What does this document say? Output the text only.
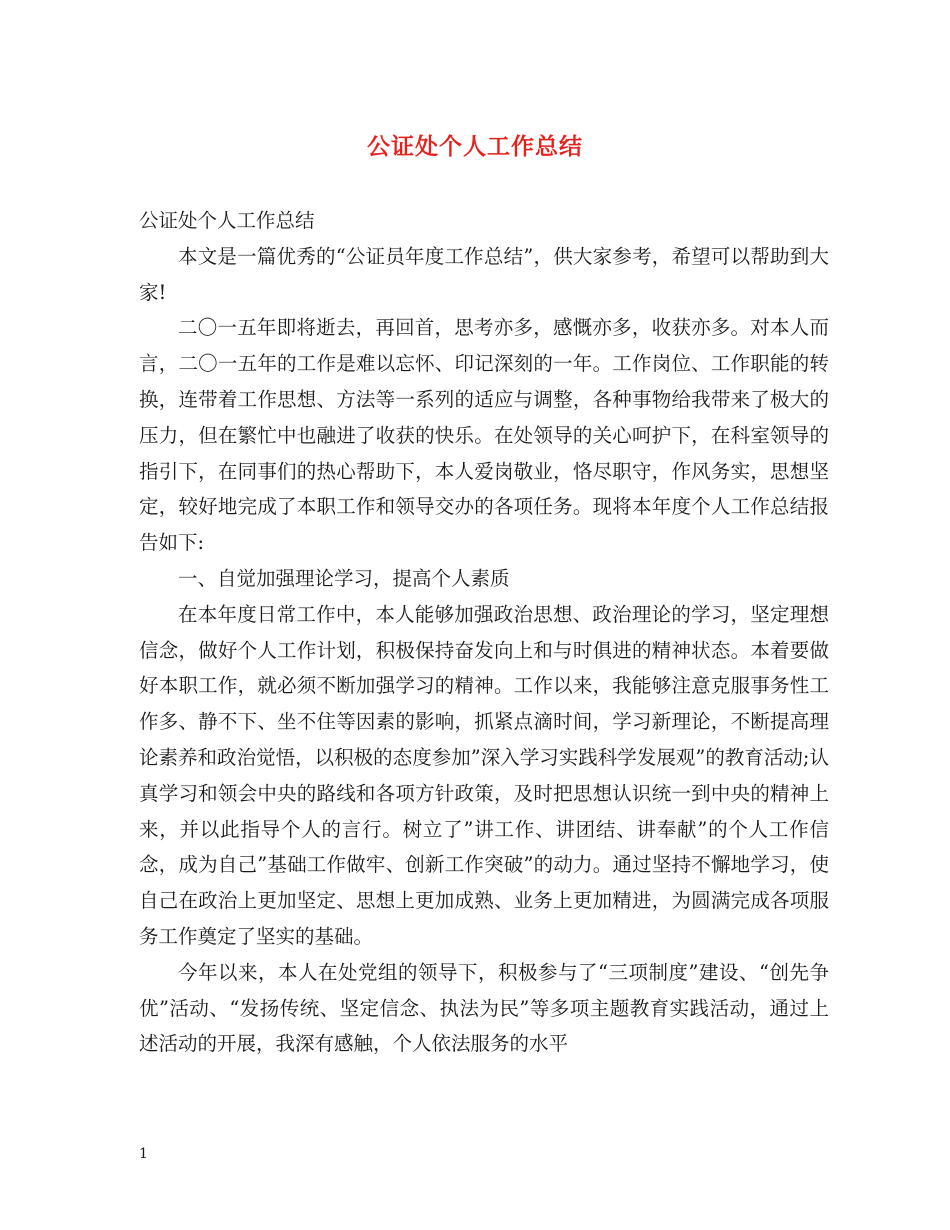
公证处个人工作总结

公证处个人工作总结

本文是一篇优秀的“公证员年度工作总结”，供大家参考，希望可以帮助到大家!

二〇一五年即将逝去，再回首，思考亦多，感慨亦多，收获亦多。对本人而言，二〇一五年的工作是难以忘怀、印记深刻的一年。工作岗位、工作职能的转换，连带着工作思想、方法等一系列的适应与调整，各种事物给我带来了极大的压力，但在繁忙中也融进了收获的快乐。在处领导的关心呵护下，在科室领导的指引下，在同事们的热心帮助下，本人爱岗敬业，恪尽职守，作风务实，思想坚定，较好地完成了本职工作和领导交办的各项任务。现将本年度个人工作总结报告如下:

一、自觉加强理论学习，提高个人素质

在本年度日常工作中，本人能够加强政治思想、政治理论的学习，坚定理想信念，做好个人工作计划，积极保持奋发向上和与时俱进的精神状态。本着要做好本职工作，就必须不断加强学习的精神。工作以来，我能够注意克服事务性工作多、静不下、坐不住等因素的影响，抓紧点滴时间，学习新理论，不断提高理论素养和政治觉悟，以积极的态度参加”深入学习实践科学发展观”的教育活动;认真学习和领会中央的路线和各项方针政策，及时把思想认识统一到中央的精神上来，并以此指导个人的言行。树立了”讲工作、讲团结、讲奉献”的个人工作信念，成为自己”基础工作做牢、创新工作突破”的动力。通过坚持不懈地学习，使自己在政治上更加坚定、思想上更加成熟、业务上更加精进，为圆满完成各项服务工作奠定了坚实的基础。

今年以来，本人在处党组的领导下，积极参与了“三项制度”建设、“创先争优”活动、“发扬传统、坚定信念、执法为民”等多项主题教育实践活动，通过上述活动的开展，我深有感触，个人依法服务的水平

1
